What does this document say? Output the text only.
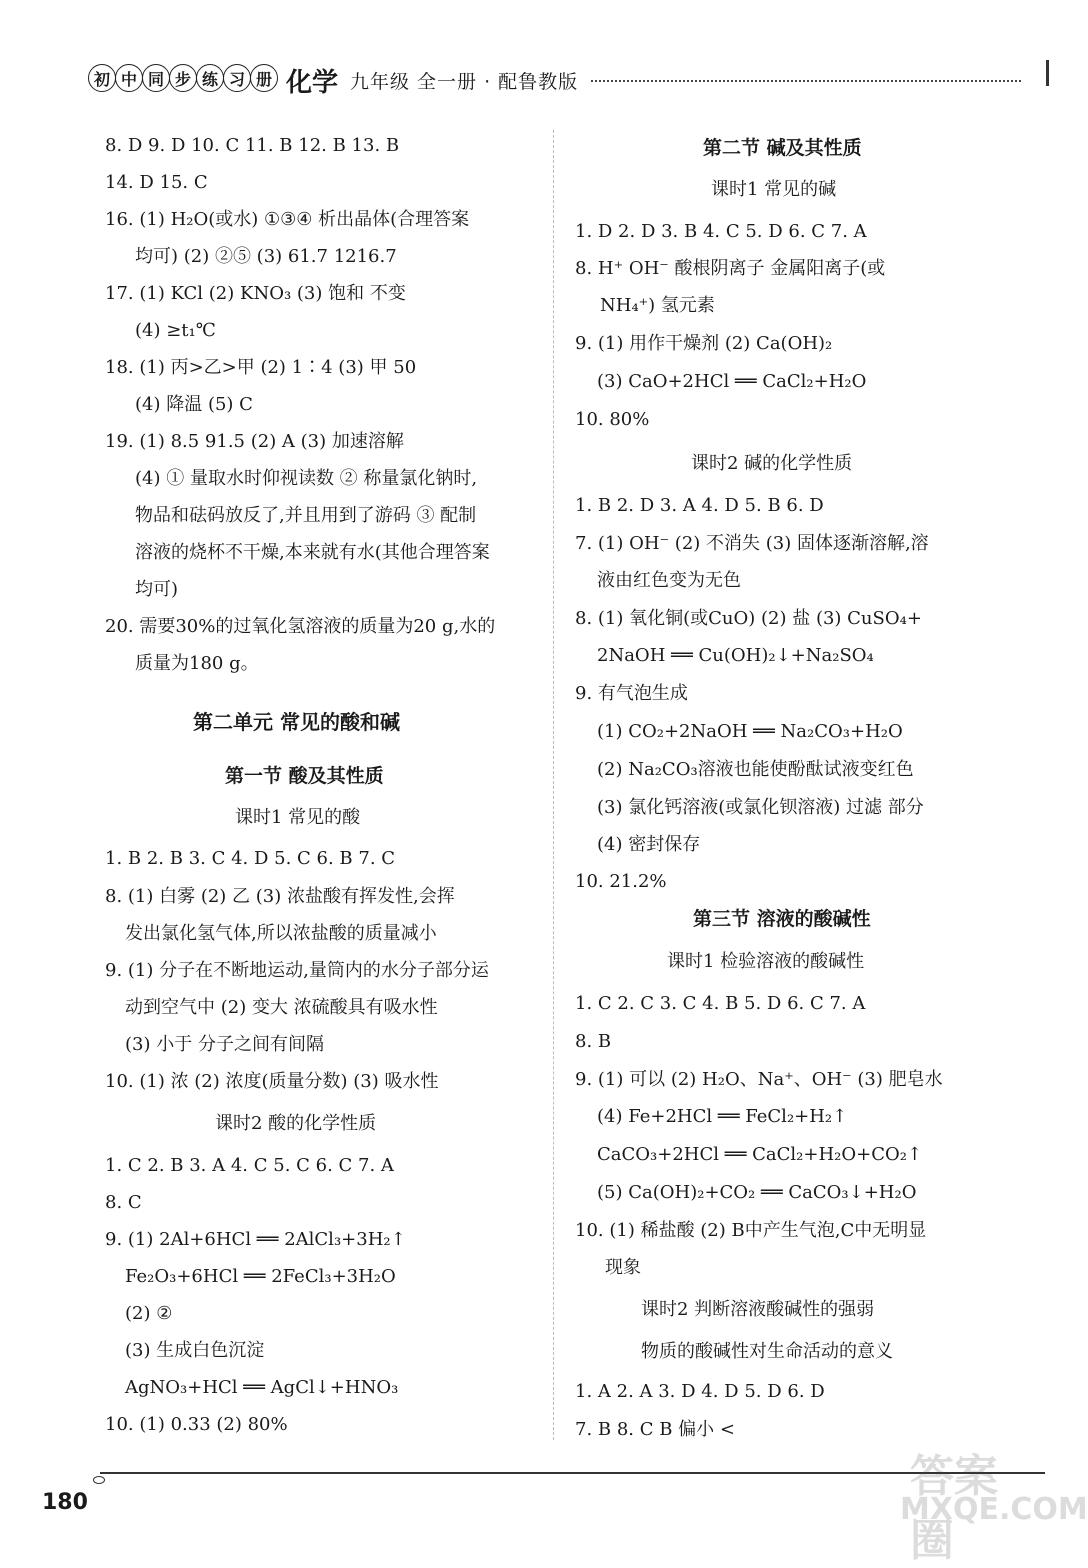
初 中 同 步 练 习 册 化学 九年级 全一册 · 配鲁教版
8. D 9. D 10. C 11. B 12. B 13. B
14. D 15. C
16. (1) H₂O(或水) ①③④ 析出晶体(合理答案
均可) (2) ②⑤ (3) 61.7 1216.7
17. (1) KCl (2) KNO₃ (3) 饱和 不变
(4) ≥t₁℃
18. (1) 丙>乙>甲 (2) 1∶4 (3) 甲 50
(4) 降温 (5) C
19. (1) 8.5 91.5 (2) A (3) 加速溶解
(4) ① 量取水时仰视读数 ② 称量氯化钠时,
物品和砝码放反了,并且用到了游码 ③ 配制
溶液的烧杯不干燥,本来就有水(其他合理答案
均可)
20. 需要30%的过氧化氢溶液的质量为20 g,水的
质量为180 g。
第二单元 常见的酸和碱
第一节 酸及其性质
课时1 常见的酸
1. B 2. B 3. C 4. D 5. C 6. B 7. C
8. (1) 白雾 (2) 乙 (3) 浓盐酸有挥发性,会挥
发出氯化氢气体,所以浓盐酸的质量减小
9. (1) 分子在不断地运动,量筒内的水分子部分运
动到空气中 (2) 变大 浓硫酸具有吸水性
(3) 小于 分子之间有间隔
10. (1) 浓 (2) 浓度(质量分数) (3) 吸水性
课时2 酸的化学性质
1. C 2. B 3. A 4. C 5. C 6. C 7. A
8. C
9. (1) 2Al+6HCl ══ 2AlCl₃+3H₂↑
Fe₂O₃+6HCl ══ 2FeCl₃+3H₂O
(2) ②
(3) 生成白色沉淀
AgNO₃+HCl ══ AgCl↓+HNO₃
10. (1) 0.33 (2) 80%
第二节 碱及其性质
课时1 常见的碱
1. D 2. D 3. B 4. C 5. D 6. C 7. A
8. H⁺ OH⁻ 酸根阴离子 金属阳离子(或
NH₄⁺) 氢元素
9. (1) 用作干燥剂 (2) Ca(OH)₂
(3) CaO+2HCl ══ CaCl₂+H₂O
10. 80%
课时2 碱的化学性质
1. B 2. D 3. A 4. D 5. B 6. D
7. (1) OH⁻ (2) 不消失 (3) 固体逐渐溶解,溶
液由红色变为无色
8. (1) 氧化铜(或CuO) (2) 盐 (3) CuSO₄+
2NaOH ══ Cu(OH)₂↓+Na₂SO₄
9. 有气泡生成
(1) CO₂+2NaOH ══ Na₂CO₃+H₂O
(2) Na₂CO₃溶液也能使酚酞试液变红色
(3) 氯化钙溶液(或氯化钡溶液) 过滤 部分
(4) 密封保存
10. 21.2%
第三节 溶液的酸碱性
课时1 检验溶液的酸碱性
1. C 2. C 3. C 4. B 5. D 6. C 7. A
8. B
9. (1) 可以 (2) H₂O、Na⁺、OH⁻ (3) 肥皂水
(4) Fe+2HCl ══ FeCl₂+H₂↑
CaCO₃+2HCl ══ CaCl₂+H₂O+CO₂↑
(5) Ca(OH)₂+CO₂ ══ CaCO₃↓+H₂O
10. (1) 稀盐酸 (2) B中产生气泡,C中无明显
现象
课时2 判断溶液酸碱性的强弱
物质的酸碱性对生命活动的意义
1. A 2. A 3. D 4. D 5. D 6. D
7. B 8. C B 偏小 <
180
答案圈
MXQE.COM
